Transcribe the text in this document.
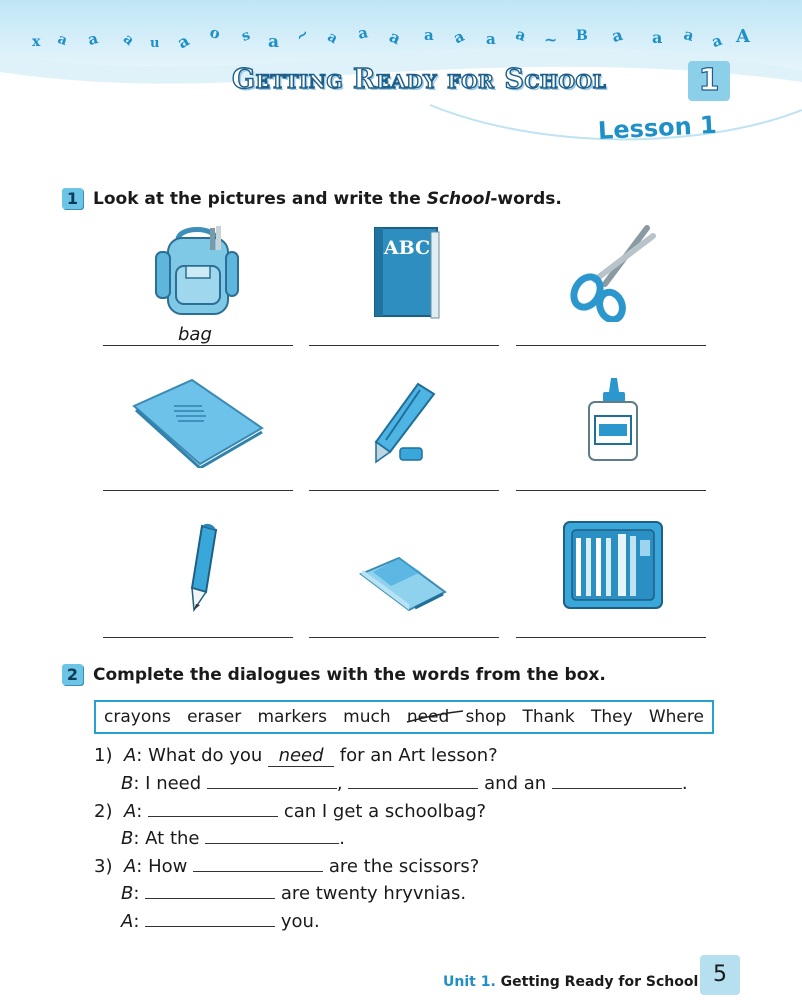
x a a a u a o s a ~ a a a a a a a ~ B a a a a A
Getting Ready for School	1
Lesson 1
1 Look at the pictures and write the School-words.
ABC
bag
2 Complete the dialogues with the words from the box.
crayons eraser markers much need shop Thank They Where
1) A: What do you need for an Art lesson?
B: I need	,	and an	.
2) A:	can I get a schoolbag?
B: At the	.
3) A: How	are the scissors?
B:	are twenty hryvnias.
A:	you.
Unit 1. Getting Ready for School 5
